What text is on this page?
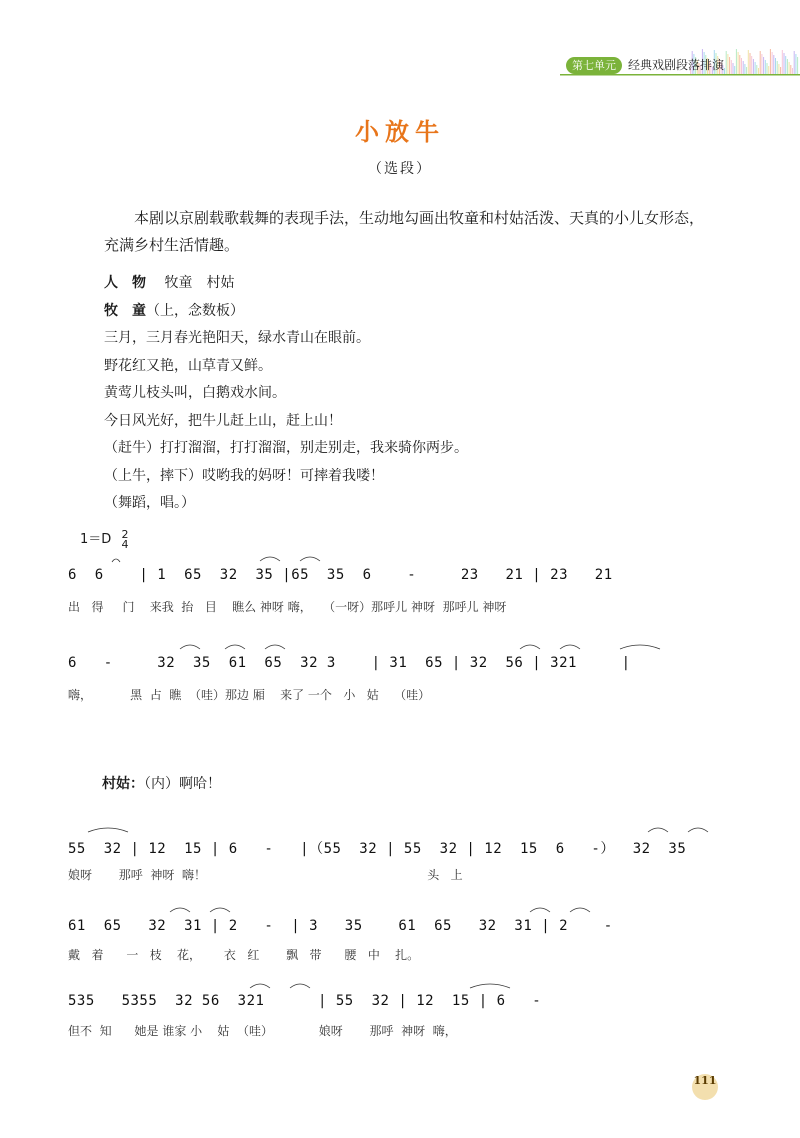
第七单元	经典戏剧段落排演
小放牛
（选段）
本剧以京剧载歌载舞的表现手法，生动地勾画出牧童和村姑活泼、天真的小儿女形态，
充满乡村生活情趣。
人　物　 牧童　村姑
牧　童（上，念数板）
三月，三月春光艳阳天，绿水青山在眼前。
野花红又艳，山草青又鲜。
黄莺儿枝头叫，白鹅戏水间。
今日风光好，把牛儿赶上山，赶上山！
（赶牛）打打溜溜，打打溜溜，别走别走，我来骑你两步。
（上牛，摔下）哎哟我的妈呀！可摔着我喽！
（舞蹈，唱。）
1＝D 2
4
6  6    | 1  65  32  35 |65  35  6    -     23   21 | 23   21
出   得     门    来我  抬   目    瞧么 神呀 嗨，   （一呀）那呼儿 神呀  那呼儿 神呀
6   -     32  35  61  65  32 3    | 31  65 | 32  56 | 321     |
嗨，          黑  占  瞧  （哇）那边 厢    来了 一个   小   姑    （哇）
村姑：（内）啊哈！
55  32 | 12  15 | 6   -   |（55  32 | 55  32 | 12  15  6   -）  32  35
娘呀       那呼  神呀  嗨！                                                          头   上
61  65   32  31 | 2   -  | 3   35    61  65   32  31 | 2    -
戴   着      一   枝    花，      衣   红       飘   带      腰   中    扎。
535   5355  32 56  321      | 55  32 | 12  15 | 6   -
但不  知      她是 谁家 小    姑  （哇）            娘呀       那呼  神呀  嗨，
111
